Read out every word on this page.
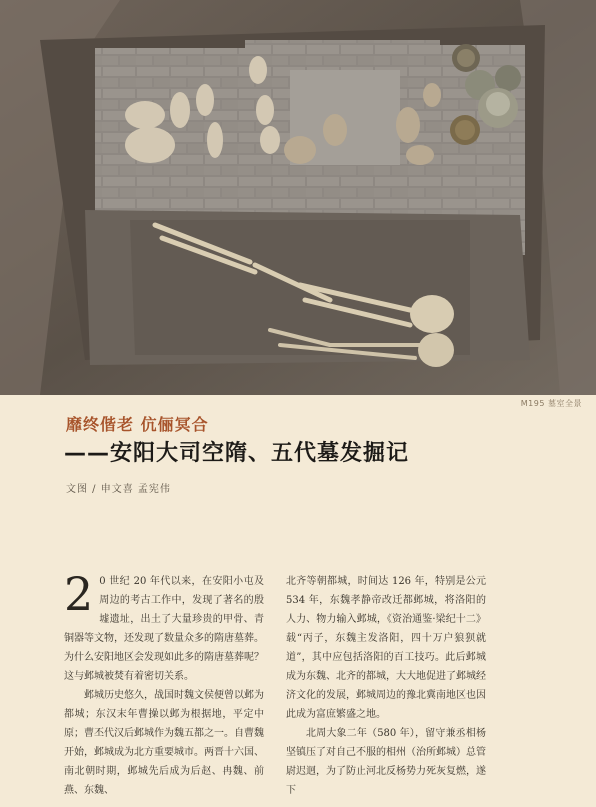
M195 墓室全景
靡终偕老 伉俪冥合
——安阳大司空隋、五代墓发掘记
文图 / 申文喜 孟宪伟

2 0 世纪 20 年代以来，在安阳小屯及周边的考古工作中，发现了著名的殷墟遗址，出土了大量珍贵的甲骨、青铜器等文物，还发现了数量众多的隋唐墓葬。为什么安阳地区会发现如此多的隋唐墓葬呢？这与邺城被焚有着密切关系。

邺城历史悠久，战国时魏文侯便曾以邺为都城；东汉末年曹操以邺为根据地，平定中原；曹丕代汉后邺城作为魏五都之一。自曹魏开始，邺城成为北方重要城市。两晋十六国、南北朝时期，邺城先后成为后赵、冉魏、前燕、东魏、

北齐等朝都城，时间达 126 年，特别是公元 534 年，东魏孝静帝改迁都邺城，将洛阳的人力、物力输入邺城，《资治通鉴·梁纪十二》载“丙子，东魏主发洛阳，四十万户狼狈就道”，其中应包括洛阳的百工技巧。此后邺城成为东魏、北齐的都城，大大地促进了邺城经济文化的发展，邺城周边的豫北冀南地区也因此成为富庶繁盛之地。

北周大象二年（580 年），留守兼丞相杨坚镇压了对自己不服的相州（治所邺城）总管尉迟迥，为了防止河北反杨势力死灰复燃，遂下
